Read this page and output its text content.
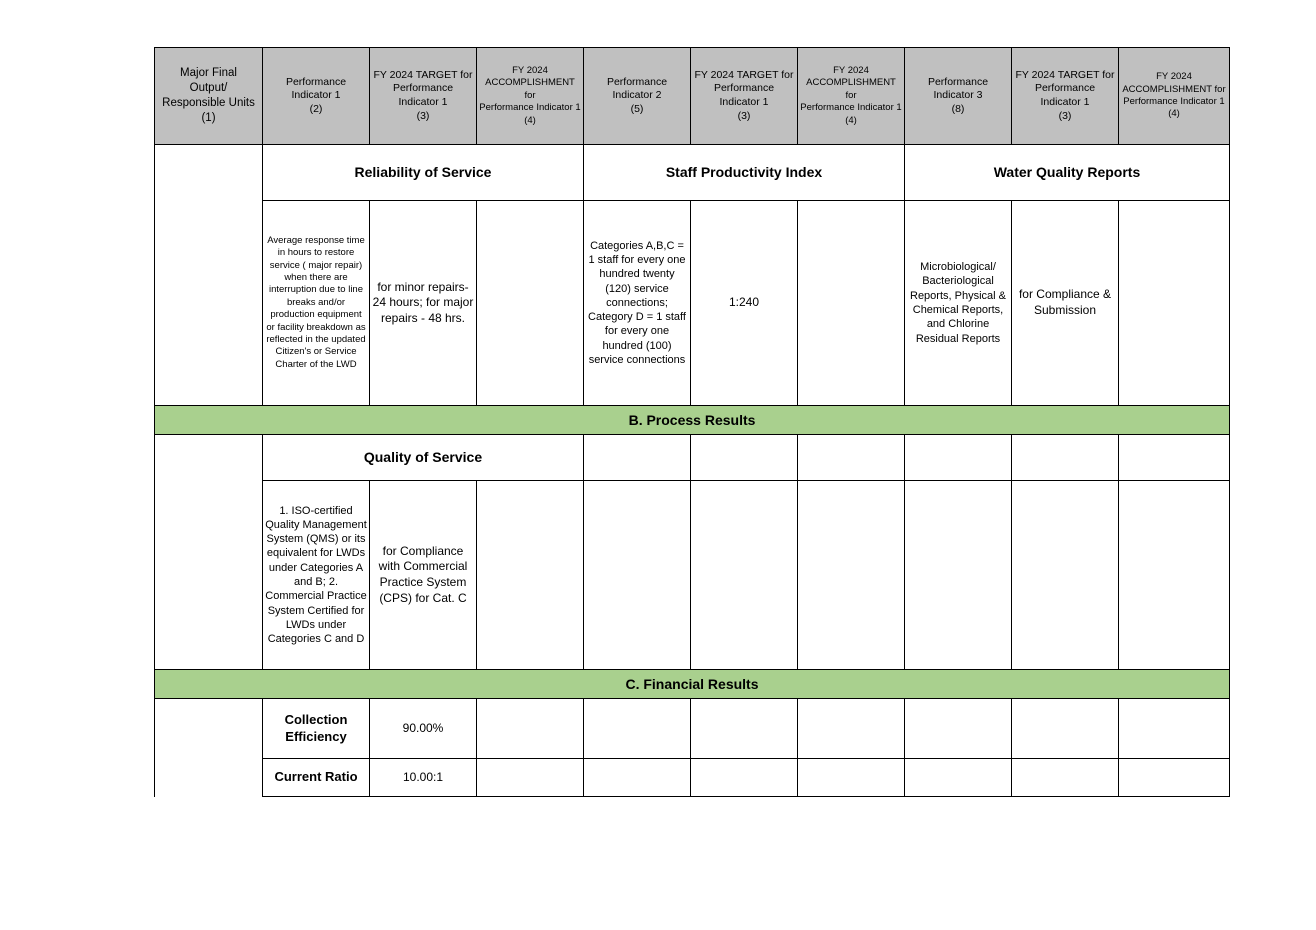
Major Final
Output/
Responsible Units
(1)	Performance
Indicator 1
(2)	FY 2024 TARGET for
Performance
Indicator 1
(3)	FY 2024
ACCOMPLISHMENT for
Performance Indicator 1
(4)	Performance
Indicator 2
(5)	FY 2024 TARGET for
Performance
Indicator 1
(3)	FY 2024
ACCOMPLISHMENT for
Performance Indicator 1
(4)	Performance
Indicator 3
(8)	FY 2024 TARGET for
Performance
Indicator 1
(3)	FY 2024
ACCOMPLISHMENT for
Performance Indicator 1
(4)

	Reliability of Service			Staff Productivity Index			Water Quality Reports		
	Average response time in hours to restore service ( major repair) when there are interruption due to line breaks and/or production equipment or facility breakdown as reflected in the updated Citizen's or Service Charter of the LWD	for minor repairs- 24 hours; for major repairs - 48 hrs.		Categories A,B,C = 1 staff for every one hundred twenty (120) service connections; Category D = 1 staff for every one hundred (100) service connections	1:240		Microbiological/ Bacteriological Reports, Physical & Chemical Reports, and Chlorine Residual Reports	for Compliance & Submission	
B. Process Results									
	Quality of Service								
	1. ISO-certified Quality Management System (QMS) or its equivalent for LWDs under Categories A and B; 2. Commercial Practice System Certified for LWDs under Categories C and D	for Compliance with Commercial Practice System (CPS) for Cat. C							
C. Financial Results									
	Collection Efficiency	90.00%							
	Current Ratio	10.00:1							
